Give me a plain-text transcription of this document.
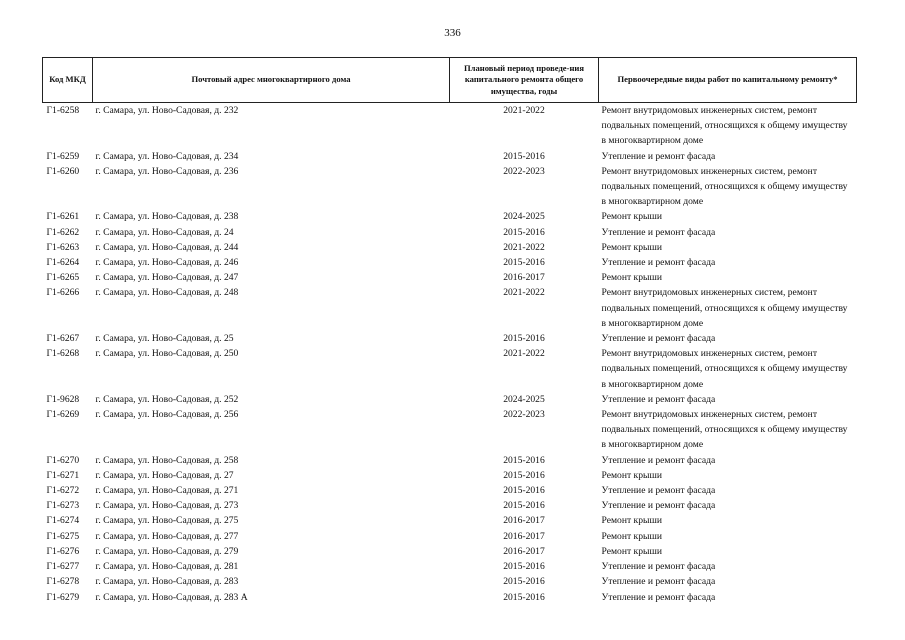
336
Код МКД	Почтовый адрес многоквартирного дома	Плановый период проведе-ния капитального ремонта общего имущества, годы	Первоочередные виды работ по капитальному ремонту*
Г1-6258	г. Самара, ул. Ново-Садовая, д. 232	2021-2022	Ремонт внутридомовых инженерных систем, ремонт подвальных помещений, относящихся к общему имуществу в многоквартирном доме
Г1-6259	г. Самара, ул. Ново-Садовая, д. 234	2015-2016	Утепление и ремонт фасада
Г1-6260	г. Самара, ул. Ново-Садовая, д. 236	2022-2023	Ремонт внутридомовых инженерных систем, ремонт подвальных помещений, относящихся к общему имуществу в многоквартирном доме
Г1-6261	г. Самара, ул. Ново-Садовая, д. 238	2024-2025	Ремонт крыши
Г1-6262	г. Самара, ул. Ново-Садовая, д. 24	2015-2016	Утепление и ремонт фасада
Г1-6263	г. Самара, ул. Ново-Садовая, д. 244	2021-2022	Ремонт крыши
Г1-6264	г. Самара, ул. Ново-Садовая, д. 246	2015-2016	Утепление и ремонт фасада
Г1-6265	г. Самара, ул. Ново-Садовая, д. 247	2016-2017	Ремонт крыши
Г1-6266	г. Самара, ул. Ново-Садовая, д. 248	2021-2022	Ремонт внутридомовых инженерных систем, ремонт подвальных помещений, относящихся к общему имуществу в многоквартирном доме
Г1-6267	г. Самара, ул. Ново-Садовая, д. 25	2015-2016	Утепление и ремонт фасада
Г1-6268	г. Самара, ул. Ново-Садовая, д. 250	2021-2022	Ремонт внутридомовых инженерных систем, ремонт подвальных помещений, относящихся к общему имуществу в многоквартирном доме
Г1-9628	г. Самара, ул. Ново-Садовая, д. 252	2024-2025	Утепление и ремонт фасада
Г1-6269	г. Самара, ул. Ново-Садовая, д. 256	2022-2023	Ремонт внутридомовых инженерных систем, ремонт подвальных помещений, относящихся к общему имуществу в многоквартирном доме
Г1-6270	г. Самара, ул. Ново-Садовая, д. 258	2015-2016	Утепление и ремонт фасада
Г1-6271	г. Самара, ул. Ново-Садовая, д. 27	2015-2016	Ремонт крыши
Г1-6272	г. Самара, ул. Ново-Садовая, д. 271	2015-2016	Утепление и ремонт фасада
Г1-6273	г. Самара, ул. Ново-Садовая, д. 273	2015-2016	Утепление и ремонт фасада
Г1-6274	г. Самара, ул. Ново-Садовая, д. 275	2016-2017	Ремонт крыши
Г1-6275	г. Самара, ул. Ново-Садовая, д. 277	2016-2017	Ремонт крыши
Г1-6276	г. Самара, ул. Ново-Садовая, д. 279	2016-2017	Ремонт крыши
Г1-6277	г. Самара, ул. Ново-Садовая, д. 281	2015-2016	Утепление и ремонт фасада
Г1-6278	г. Самара, ул. Ново-Садовая, д. 283	2015-2016	Утепление и ремонт фасада
Г1-6279	г. Самара, ул. Ново-Садовая, д. 283 А	2015-2016	Утепление и ремонт фасада
